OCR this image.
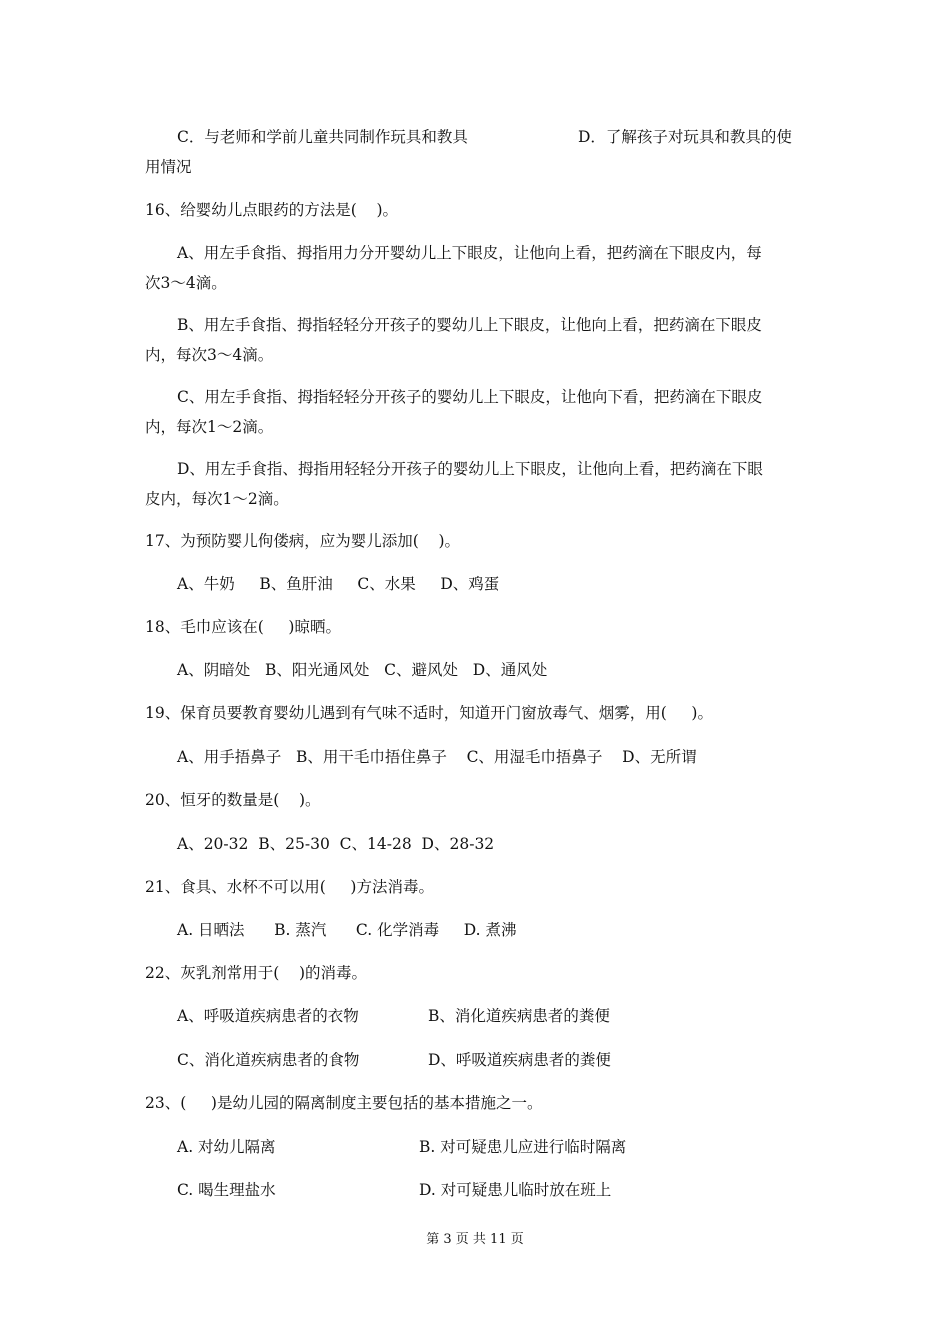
C．与老师和学前儿童共同制作玩具和教具	D．了解孩子对玩具和教具的使
用情况
16、给婴幼儿点眼药的方法是(    )。
A、用左手食指、拇指用力分开婴幼儿上下眼皮，让他向上看，把药滴在下眼皮内，每
次3～4滴。
B、用左手食指、拇指轻轻分开孩子的婴幼儿上下眼皮，让他向上看，把药滴在下眼皮
内，每次3～4滴。
C、用左手食指、拇指轻轻分开孩子的婴幼儿上下眼皮，让他向下看，把药滴在下眼皮
内，每次1～2滴。
D、用左手食指、拇指用轻轻分开孩子的婴幼儿上下眼皮，让他向上看，把药滴在下眼
皮内，每次1～2滴。
17、为预防婴儿佝偻病，应为婴儿添加(    )。
A、牛奶     B、鱼肝油     C、水果     D、鸡蛋
18、毛巾应该在(     )晾晒。
A、阴暗处   B、阳光通风处   C、避风处   D、通风处
19、保育员要教育婴幼儿遇到有气味不适时，知道开门窗放毒气、烟雾，用(     )。
A、用手捂鼻子   B、用干毛巾捂住鼻子    C、用湿毛巾捂鼻子    D、无所谓
20、恒牙的数量是(    )。
A、20-32  B、25-30  C、14-28  D、28-32
21、食具、水杯不可以用(     )方法消毒。
A. 日晒法      B. 蒸汽      C. 化学消毒     D. 煮沸
22、灰乳剂常用于(    )的消毒。
A、呼吸道疾病患者的衣物	B、消化道疾病患者的粪便
C、消化道疾病患者的食物	D、呼吸道疾病患者的粪便
23、(     )是幼儿园的隔离制度主要包括的基本措施之一。
A. 对幼儿隔离	B. 对可疑患儿应进行临时隔离
C. 喝生理盐水	D. 对可疑患儿临时放在班上
第 3 页 共 11 页
